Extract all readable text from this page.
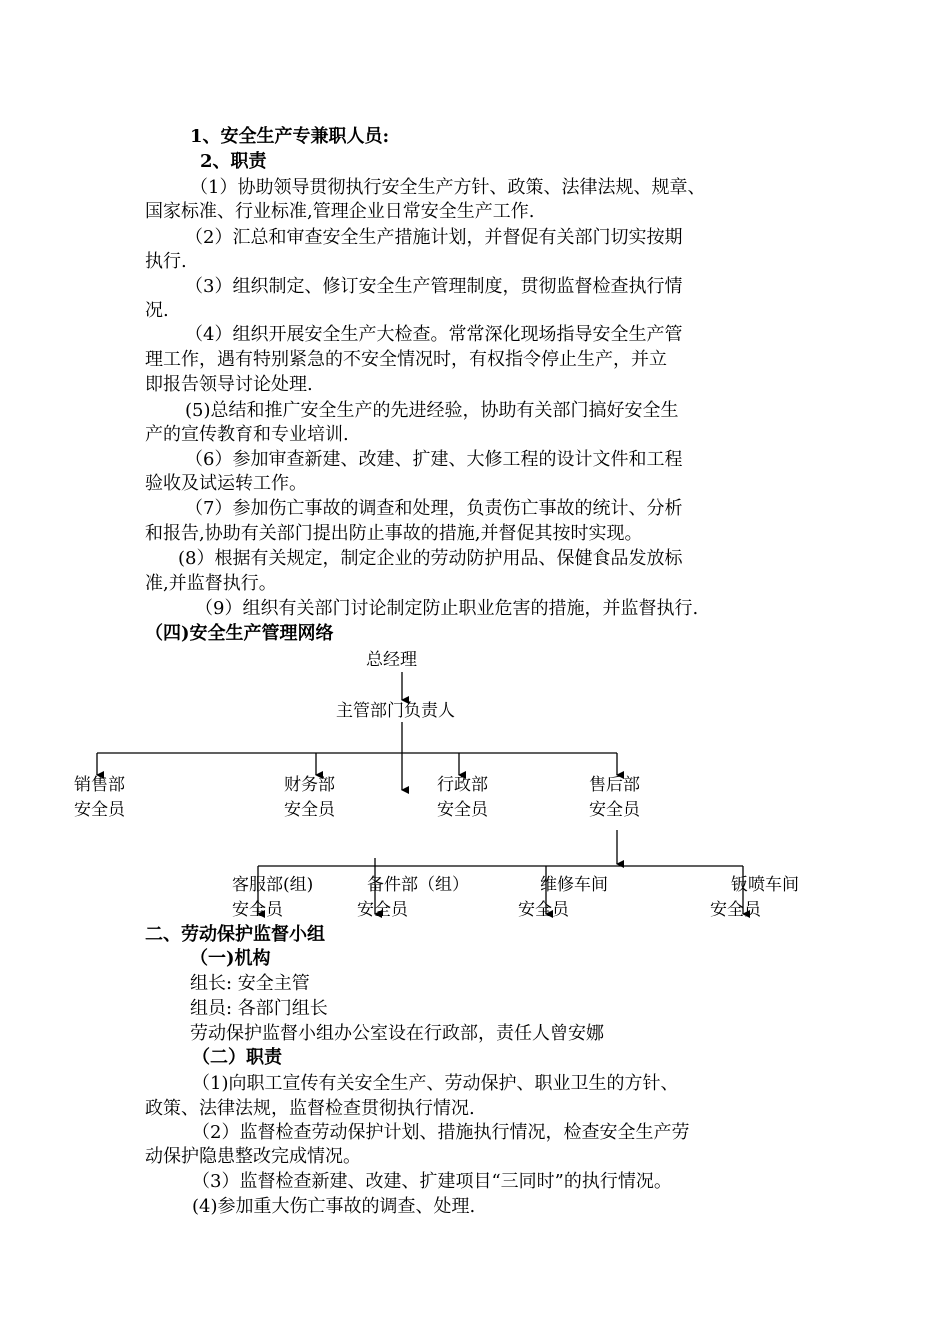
1、安全生产专兼职人员:
2、职责
（1）协助领导贯彻执行安全生产方针、政策、法律法规、规章、
国家标准、行业标准,管理企业日常安全生产工作.
（2）汇总和审查安全生产措施计划，并督促有关部门切实按期
执行.
（3）组织制定、修订安全生产管理制度，贯彻监督检查执行情
况.
（4）组织开展安全生产大检查。常常深化现场指导安全生产管
理工作，遇有特别紧急的不安全情况时，有权指令停止生产，并立
即报告领导讨论处理.
(5)总结和推广安全生产的先进经验，协助有关部门搞好安全生
产的宣传教育和专业培训.
（6）参加审查新建、改建、扩建、大修工程的设计文件和工程
验收及试运转工作。
（7）参加伤亡事故的调查和处理，负责伤亡事故的统计、分析
和报告,协助有关部门提出防止事故的措施,并督促其按时实现。
(8）根据有关规定，制定企业的劳动防护用品、保健食品发放标
准,并监督执行。
（9）组织有关部门讨论制定防止职业危害的措施，并监督执行.
（四)安全生产管理网络
总经理
主管部门负责人
销售部
安全员
财务部
安全员
行政部
安全员
售后部
安全员
客服部(组)
安全员
备件部（组）
安全员
维修车间
安全员
钣喷车间
安全员
二、劳动保护监督小组
（一)机构
组长: 安全主管
组员: 各部门组长
劳动保护监督小组办公室设在行政部，责任人曾安娜
（二）职责
（1)向职工宣传有关安全生产、劳动保护、职业卫生的方针、
政策、法律法规，监督检查贯彻执行情况.
（2）监督检查劳动保护计划、措施执行情况，检查安全生产劳
动保护隐患整改完成情况。
（3）监督检查新建、改建、扩建项目“三同时”的执行情况。
(4)参加重大伤亡事故的调查、处理.
